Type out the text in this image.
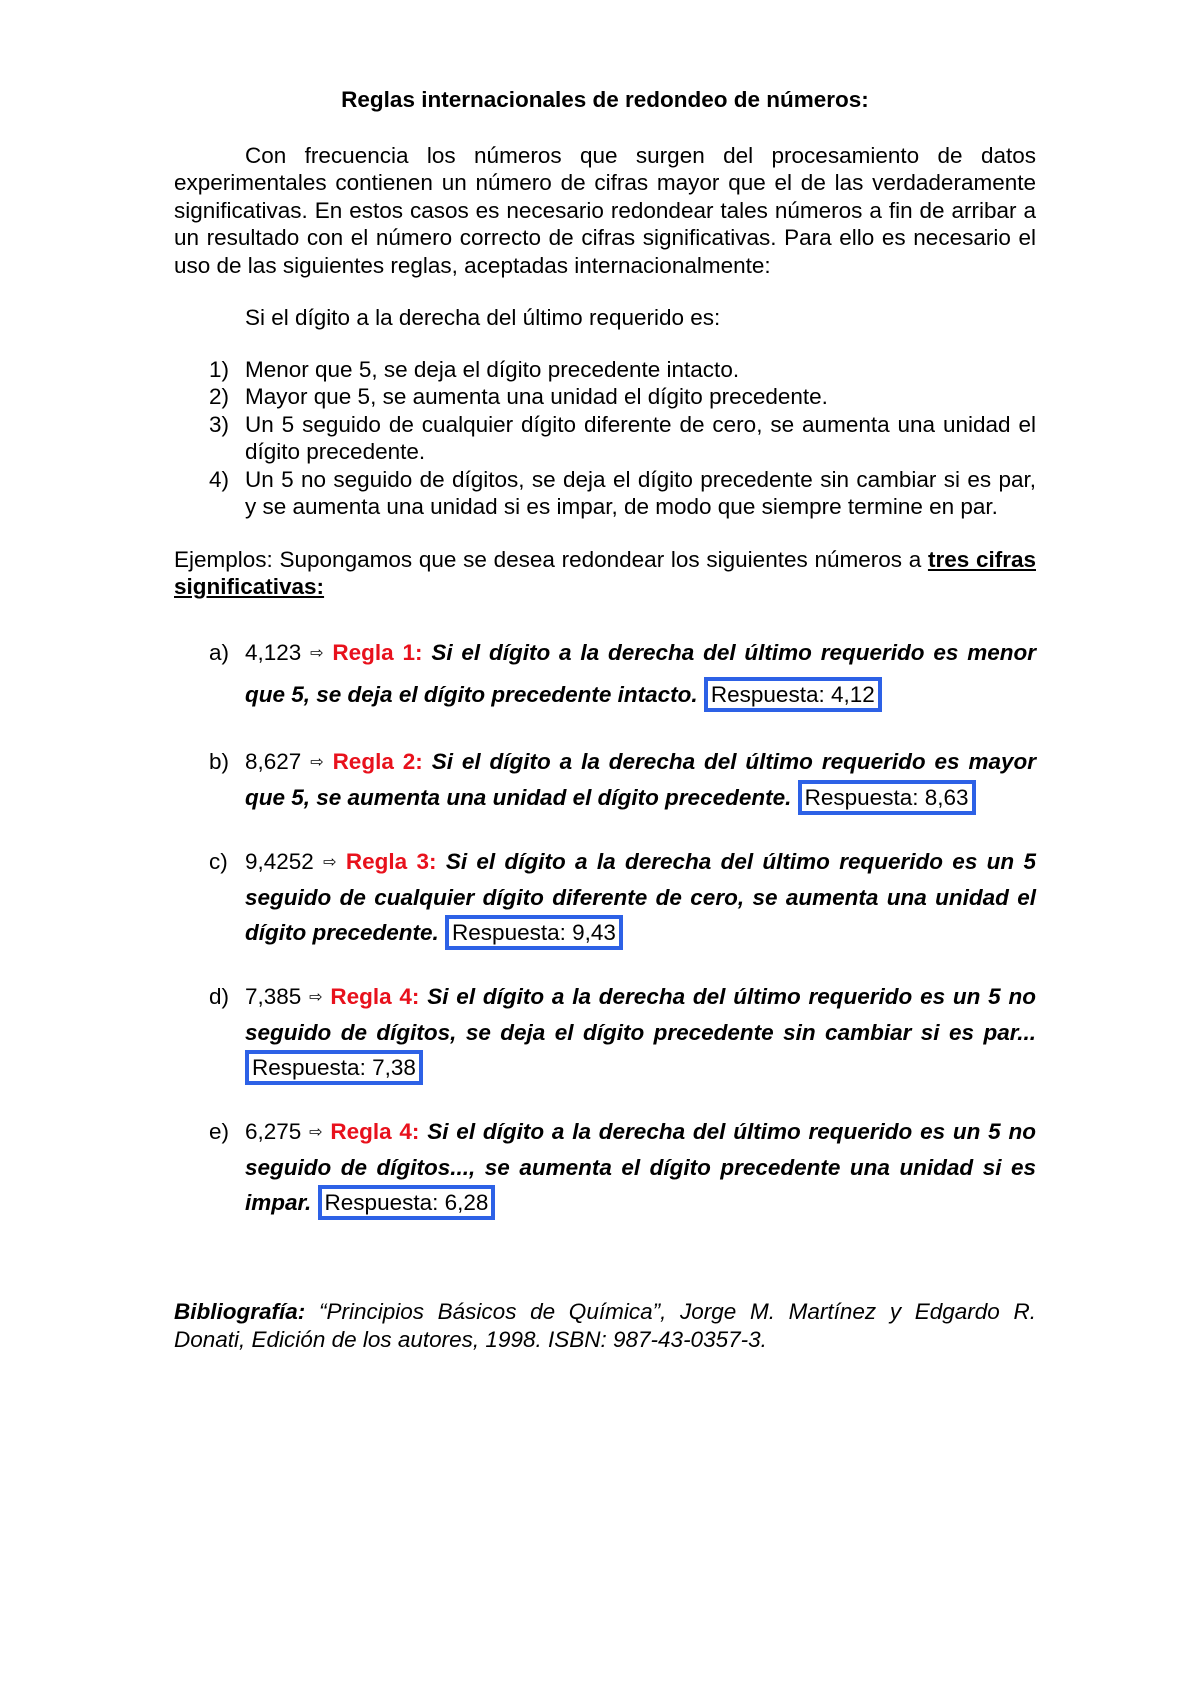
Reglas internacionales de redondeo de números:

Con frecuencia los números que surgen del procesamiento de datos experimentales contienen un número de cifras mayor que el de las verdaderamente significativas. En estos casos es necesario redondear tales números a fin de arribar a un resultado con el número correcto de cifras significativas. Para ello es necesario el uso de las siguientes reglas, aceptadas internacionalmente:

Si el dígito a la derecha del último requerido es:

1) Menor que 5, se deja el dígito precedente intacto.
2) Mayor que 5, se aumenta una unidad el dígito precedente.
3) Un 5 seguido de cualquier dígito diferente de cero, se aumenta una unidad el dígito precedente.
4) Un 5 no seguido de dígitos, se deja el dígito precedente sin cambiar si es par, y se aumenta una unidad si es impar, de modo que siempre termine en par.

Ejemplos: Supongamos que se desea redondear los siguientes números a tres cifras significativas:

a) 4,123 ⇨ Regla 1: Si el dígito a la derecha del último requerido es menor que 5, se deja el dígito precedente intacto. Respuesta: 4,12
b) 8,627 ⇨ Regla 2: Si el dígito a la derecha del último requerido es mayor que 5, se aumenta una unidad el dígito precedente. Respuesta: 8,63
c) 9,4252 ⇨ Regla 3: Si el dígito a la derecha del último requerido es un 5 seguido de cualquier dígito diferente de cero, se aumenta una unidad el dígito precedente. Respuesta: 9,43
d) 7,385 ⇨ Regla 4: Si el dígito a la derecha del último requerido es un 5 no seguido de dígitos, se deja el dígito precedente sin cambiar si es par... Respuesta: 7,38
e) 6,275 ⇨ Regla 4: Si el dígito a la derecha del último requerido es un 5 no seguido de dígitos..., se aumenta el dígito precedente una unidad si es impar. Respuesta: 6,28

Bibliografía: “Principios Básicos de Química”, Jorge M. Martínez y Edgardo R. Donati, Edición de los autores, 1998. ISBN: 987-43-0357-3.
